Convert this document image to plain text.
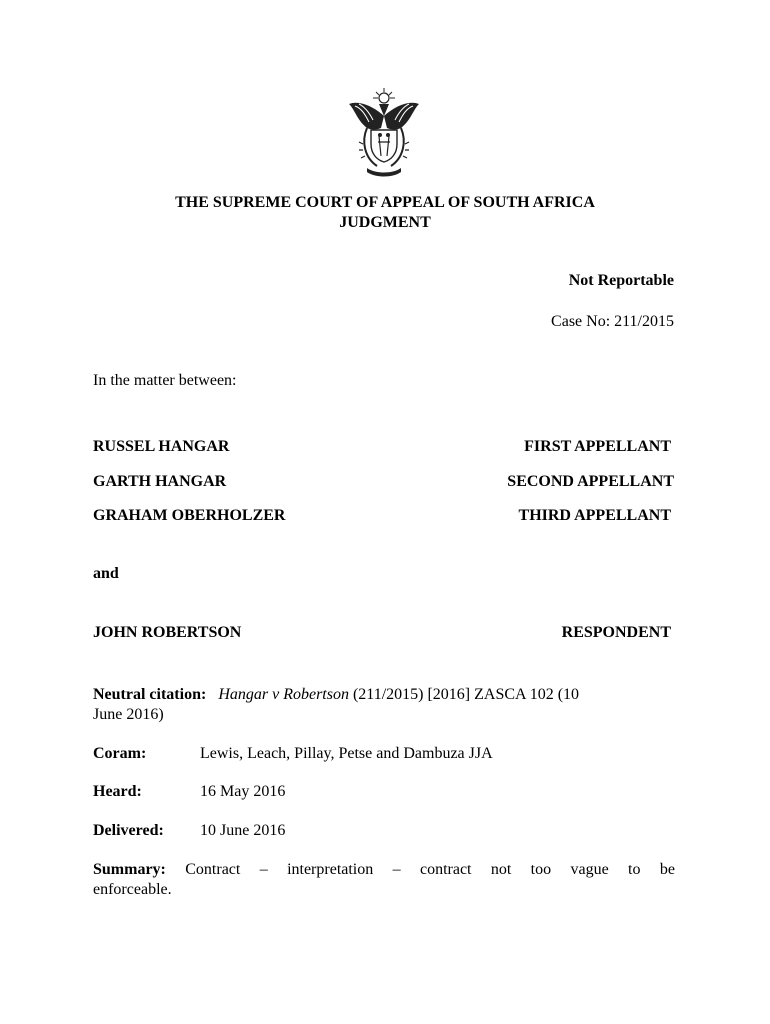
THE SUPREME COURT OF APPEAL OF SOUTH AFRICA
JUDGMENT
Not Reportable
Case No: 211/2015
In the matter between:
RUSSEL HANGAR	FIRST APPELLANT
GARTH HANGAR	SECOND APPELLANT
GRAHAM OBERHOLZER	THIRD APPELLANT
and
JOHN ROBERTSON	RESPONDENT
Neutral citation: Hangar v Robertson (211/2015) [2016] ZASCA 102 (10
June 2016)
Coram:	Lewis, Leach, Pillay, Petse and Dambuza JJA
Heard:	16 May 2016
Delivered: 10 June 2016
Summary: Contract – interpretation – contract not too vague to be
enforceable.
